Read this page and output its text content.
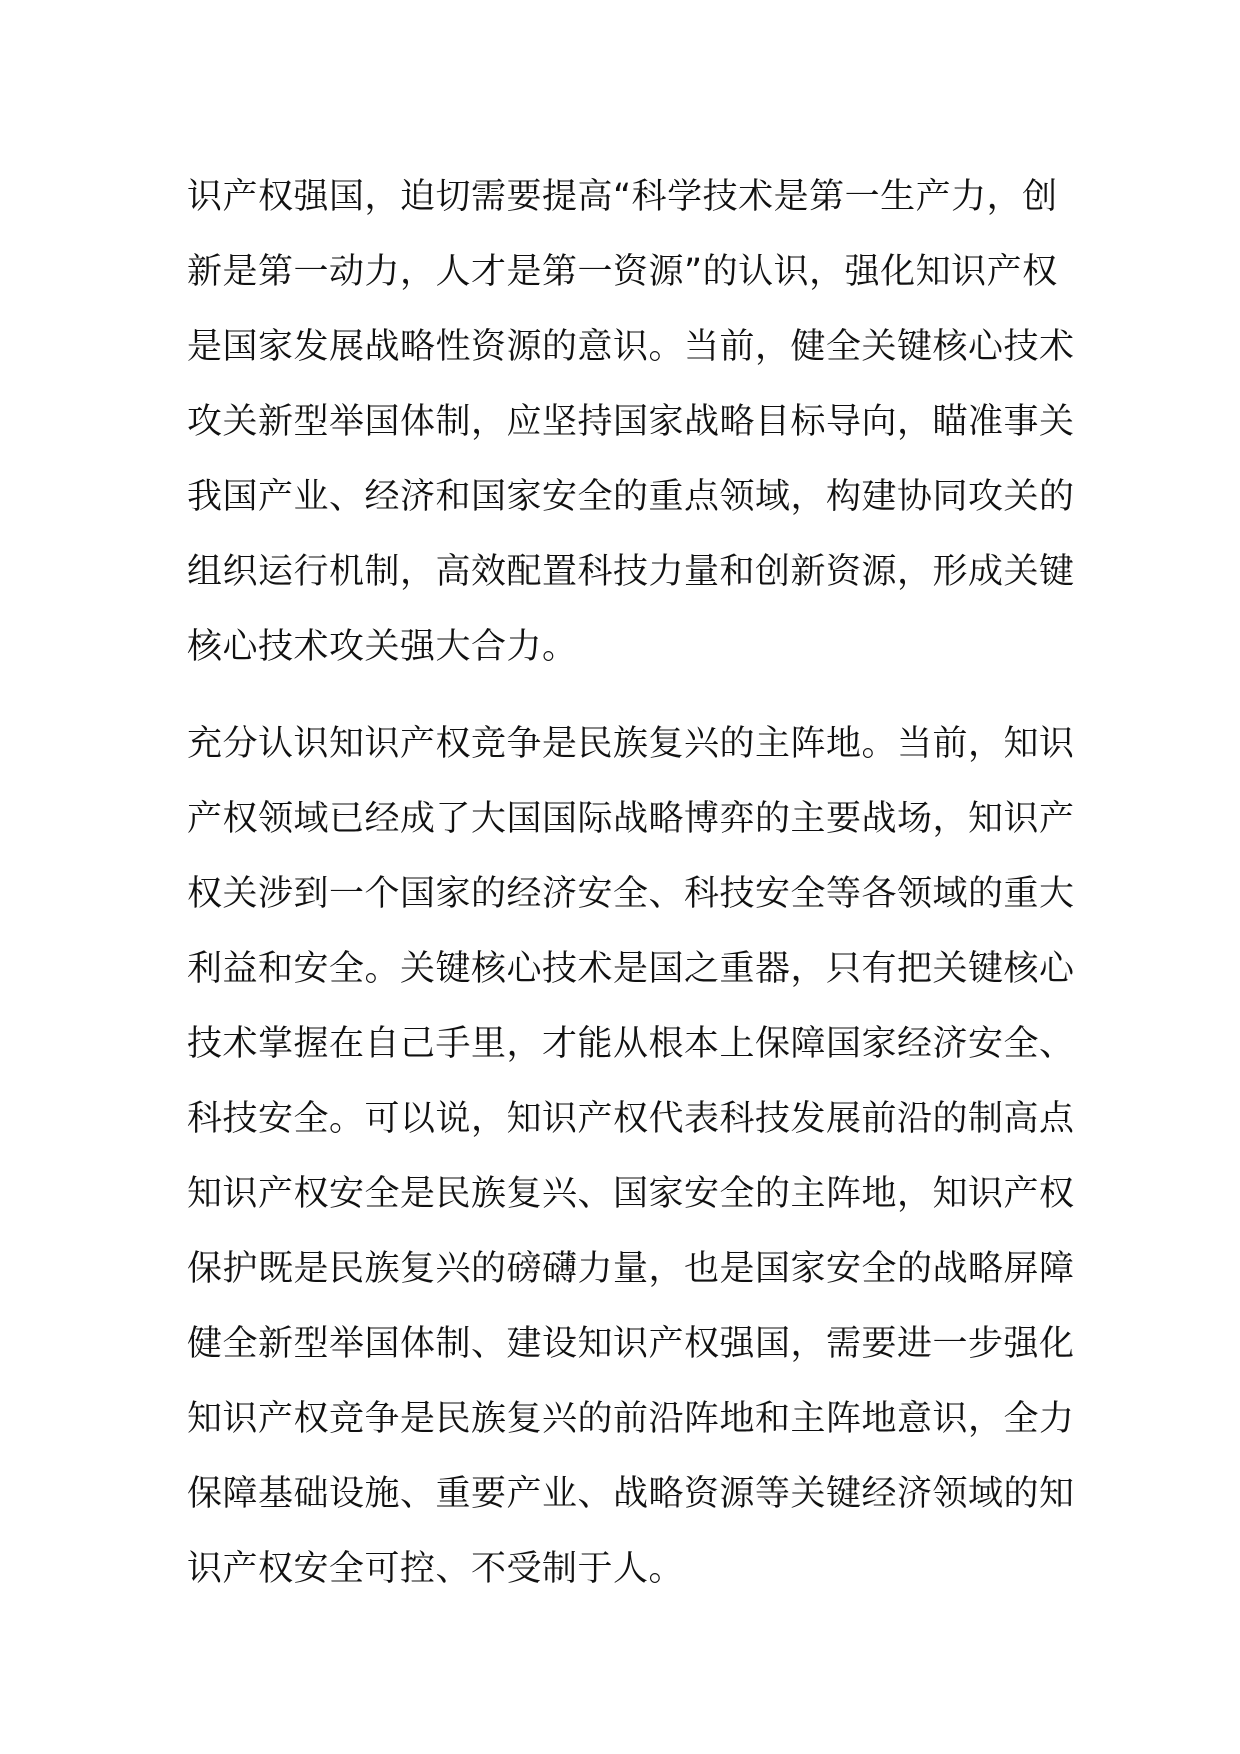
识产权强国，迫切需要提高“科学技术是第一生产力，创
新是第一动力，人才是第一资源”的认识，强化知识产权
是国家发展战略性资源的意识。当前，健全关键核心技术
攻关新型举国体制，应坚持国家战略目标导向，瞄准事关
我国产业、经济和国家安全的重点领域，构建协同攻关的
组织运行机制，高效配置科技力量和创新资源，形成关键
核心技术攻关强大合力。
充分认识知识产权竞争是民族复兴的主阵地。当前，知识
产权领域已经成了大国国际战略博弈的主要战场，知识产
权关涉到一个国家的经济安全、科技安全等各领域的重大
利益和安全。关键核心技术是国之重器，只有把关键核心
技术掌握在自己手里，才能从根本上保障国家经济安全、
科技安全。可以说，知识产权代表科技发展前沿的制高点
知识产权安全是民族复兴、国家安全的主阵地，知识产权
保护既是民族复兴的磅礴力量，也是国家安全的战略屏障
健全新型举国体制、建设知识产权强国，需要进一步强化
知识产权竞争是民族复兴的前沿阵地和主阵地意识，全力
保障基础设施、重要产业、战略资源等关键经济领域的知
识产权安全可控、不受制于人。
